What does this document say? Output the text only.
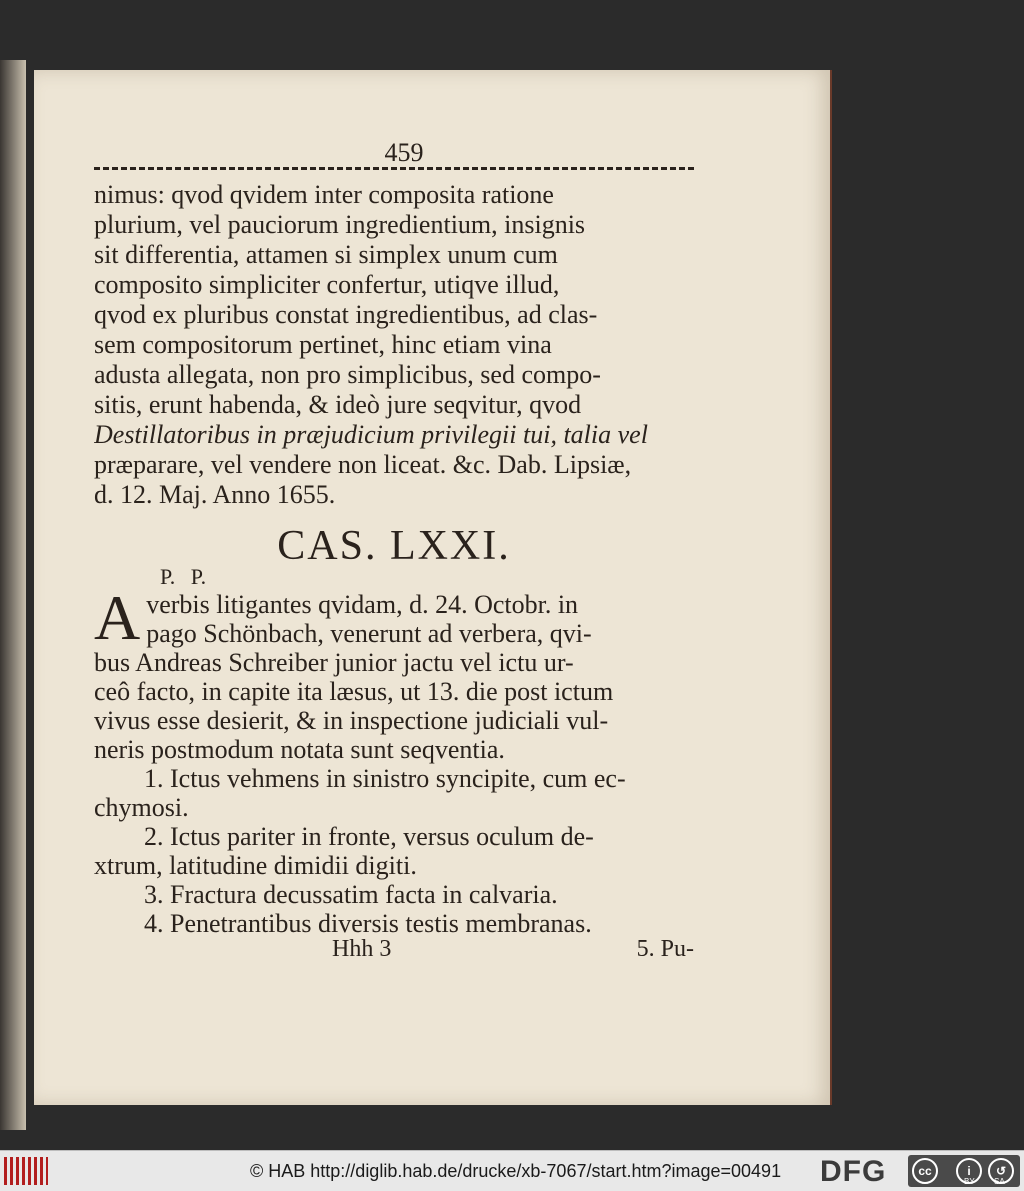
459
nimus: qvod qvidem inter composita ratione
plurium, vel pauciorum ingredientium, insignis
sit differentia, attamen si simplex unum cum
composito simpliciter confertur, utiqve illud,
qvod ex pluribus constat ingredientibus, ad clas-
sem compositorum pertinet, hinc etiam vina
adusta allegata, non pro simplicibus, sed compo-
sitis, erunt habenda, & ideò jure seqvitur, qvod
Destillatoribus in præjudicium privilegii tui, talia vel
præparare, vel vendere non liceat. &c. Dab. Lipsiæ,
d. 12. Maj. Anno 1655.
CAS. LXXI.
P. P.
A verbis litigantes qvidam, d. 24. Octobr. in
pago Schönbach, venerunt ad verbera, qvi-
bus Andreas Schreiber junior jactu vel ictu ur-
ceô facto, in capite ita læsus, ut 13. die post ictum
vivus esse desierit, & in inspectione judiciali vul-
neris postmodum notata sunt seqventia.
1. Ictus vehmens in sinistro syncipite, cum ec-
chymosi.
2. Ictus pariter in fronte, versus oculum de-
xtrum, latitudine dimidii digiti.
3. Fractura decussatim facta in calvaria.
4. Penetrantibus diversis testis membranas.
Hhh 3	5. Pu-
© HAB http://diglib.hab.de/drucke/xb-7067/start.htm?image=00491 DFG	cc	i	↺
BY SA
